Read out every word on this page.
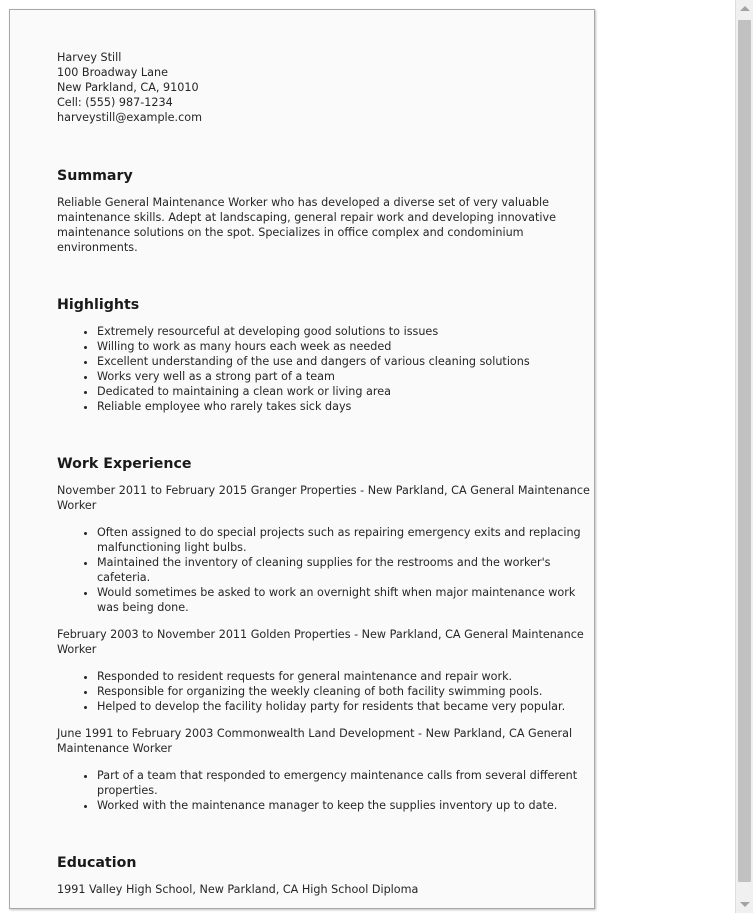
Harvey Still
100 Broadway Lane
New Parkland, CA, 91010
Cell: (555) 987-1234
harveystill@example.com
Summary

Reliable General Maintenance Worker who has developed a diverse set of very valuable maintenance skills. Adept at landscaping, general repair work and developing innovative maintenance solutions on the spot. Specializes in office complex and condominium environments.

Highlights
• Extremely resourceful at developing good solutions to issues
• Willing to work as many hours each week as needed
• Excellent understanding of the use and dangers of various cleaning solutions
• Works very well as a strong part of a team
• Dedicated to maintaining a clean work or living area
• Reliable employee who rarely takes sick days
Work Experience

November 2011 to February 2015 Granger Properties - New Parkland, CA General Maintenance Worker

• Often assigned to do special projects such as repairing emergency exits and replacing malfunctioning light bulbs.
• Maintained the inventory of cleaning supplies for the restrooms and the worker's cafeteria.
• Would sometimes be asked to work an overnight shift when major maintenance work was being done.

February 2003 to November 2011 Golden Properties - New Parkland, CA General Maintenance Worker

• Responded to resident requests for general maintenance and repair work.
• Responsible for organizing the weekly cleaning of both facility swimming pools.
• Helped to develop the facility holiday party for residents that became very popular.

June 1991 to February 2003 Commonwealth Land Development - New Parkland, CA General Maintenance Worker

• Part of a team that responded to emergency maintenance calls from several different properties.
• Worked with the maintenance manager to keep the supplies inventory up to date.
Education

1991 Valley High School, New Parkland, CA High School Diploma
